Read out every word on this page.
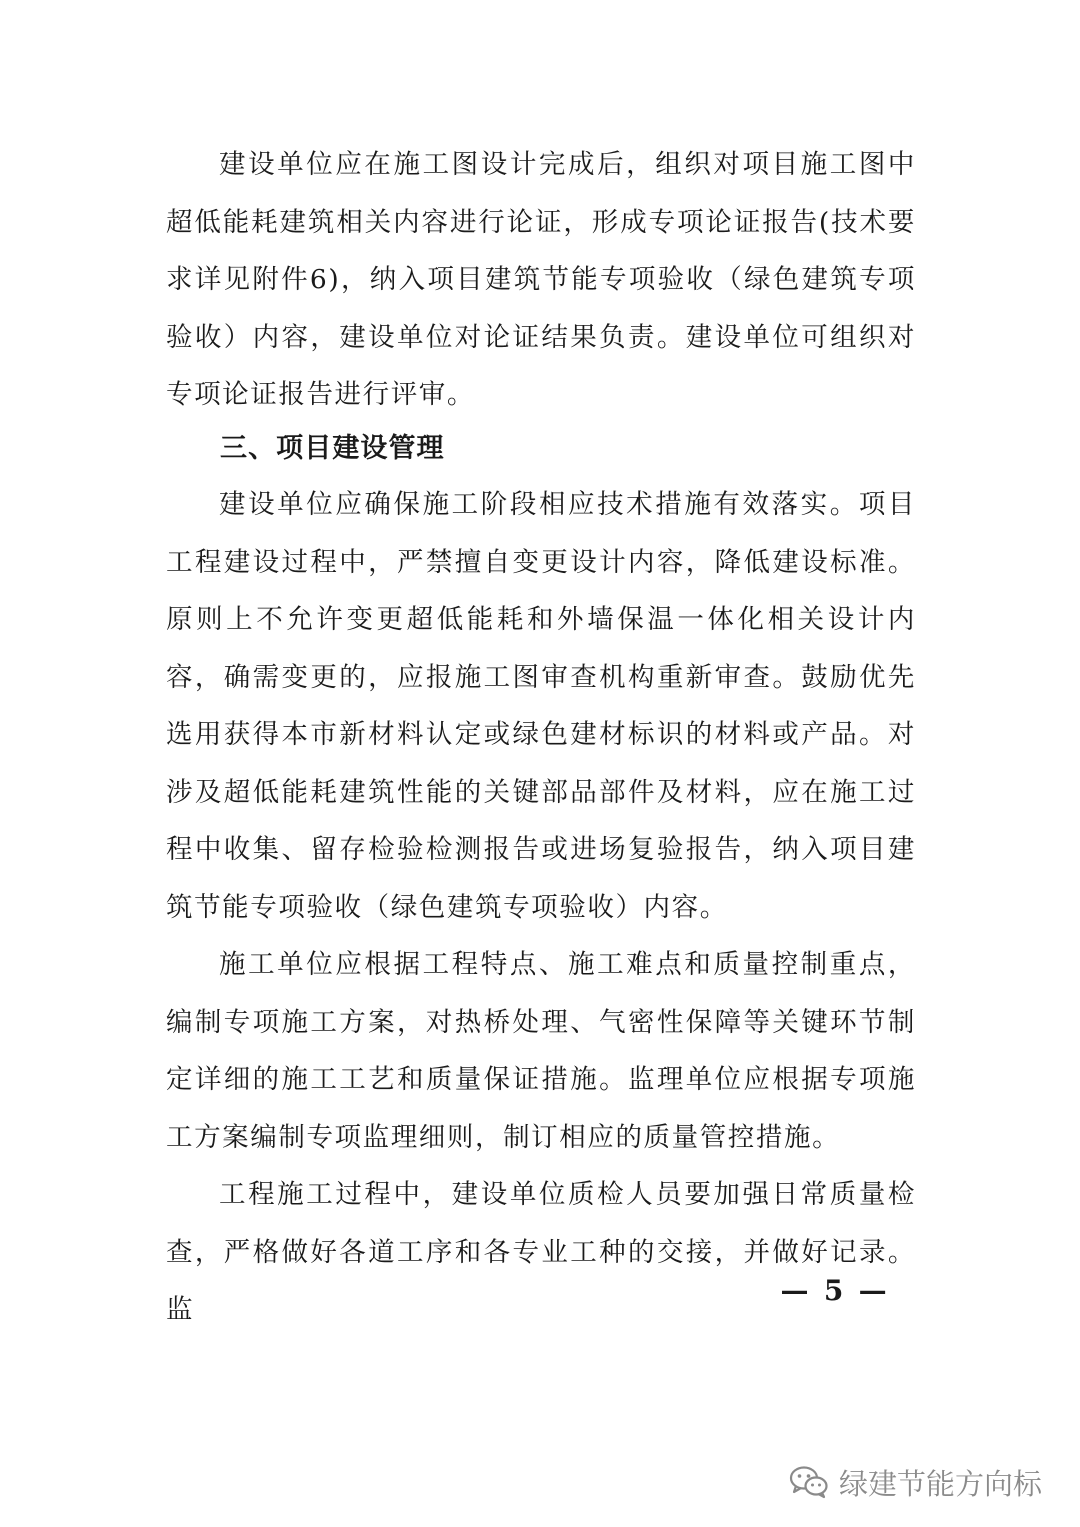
建设单位应在施工图设计完成后，组织对项目施工图中超低能耗建筑相关内容进行论证，形成专项论证报告(技术要求详见附件6)，纳入项目建筑节能专项验收（绿色建筑专项验收）内容，建设单位对论证结果负责。建设单位可组织对专项论证报告进行评审。

三、项目建设管理

建设单位应确保施工阶段相应技术措施有效落实。项目工程建设过程中，严禁擅自变更设计内容，降低建设标准。原则上不允许变更超低能耗和外墙保温一体化相关设计内容，确需变更的，应报施工图审查机构重新审查。鼓励优先选用获得本市新材料认定或绿色建材标识的材料或产品。对涉及超低能耗建筑性能的关键部品部件及材料，应在施工过程中收集、留存检验检测报告或进场复验报告，纳入项目建筑节能专项验收（绿色建筑专项验收）内容。

施工单位应根据工程特点、施工难点和质量控制重点，编制专项施工方案，对热桥处理、气密性保障等关键环节制定详细的施工工艺和质量保证措施。监理单位应根据专项施工方案编制专项监理细则，制订相应的质量管控措施。

工程施工过程中，建设单位质检人员要加强日常质量检查，严格做好各道工序和各专业工种的交接，并做好记录。监

— 5 —
绿建节能方向标
